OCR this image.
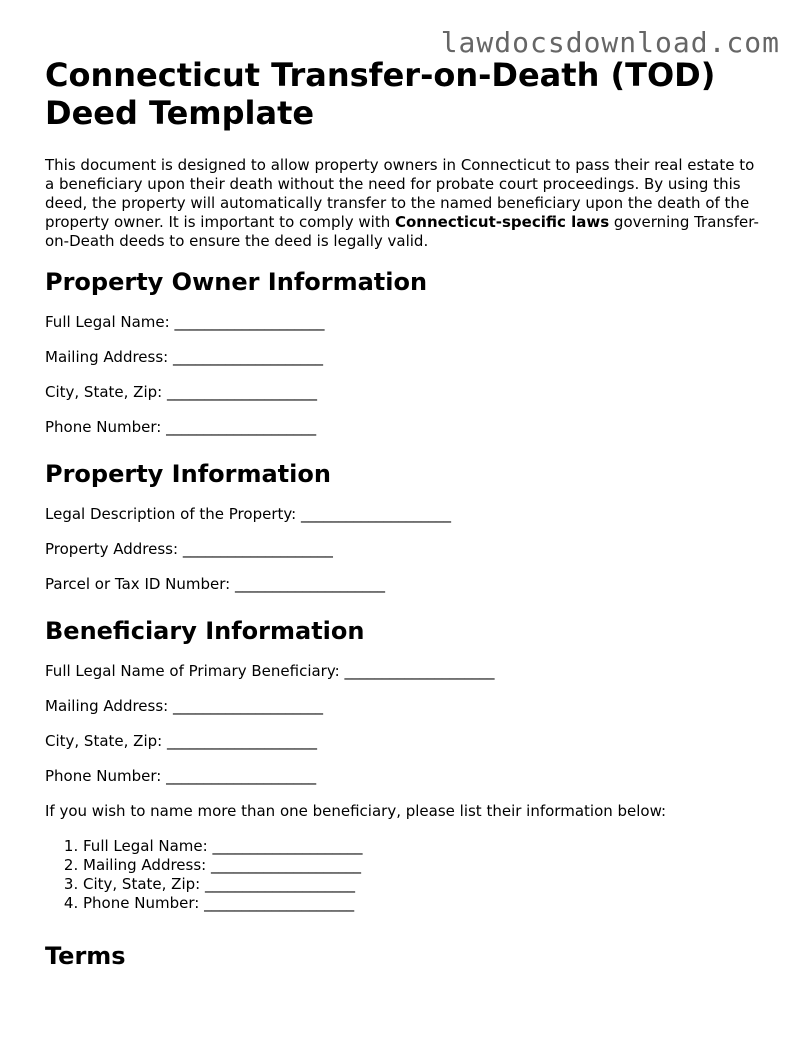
lawdocsdownload.com
Connecticut Transfer-on-Death (TOD) Deed Template

This document is designed to allow property owners in Connecticut to pass their real estate to a beneficiary upon their death without the need for probate court proceedings. By using this deed, the property will automatically transfer to the named beneficiary upon the death of the property owner. It is important to comply with Connecticut-specific laws governing Transfer-on-Death deeds to ensure the deed is legally valid.

Property Owner Information
Full Legal Name: ____________________
Mailing Address: ____________________
City, State, Zip: ____________________
Phone Number: ____________________
Property Information
Legal Description of the Property: ____________________
Property Address: ____________________
Parcel or Tax ID Number: ____________________
Beneficiary Information
Full Legal Name of Primary Beneficiary: ____________________
Mailing Address: ____________________
City, State, Zip: ____________________
Phone Number: ____________________

If you wish to name more than one beneficiary, please list their information below:

1. Full Legal Name: ____________________
2. Mailing Address: ____________________
3. City, State, Zip: ____________________
4. Phone Number: ____________________
Terms
